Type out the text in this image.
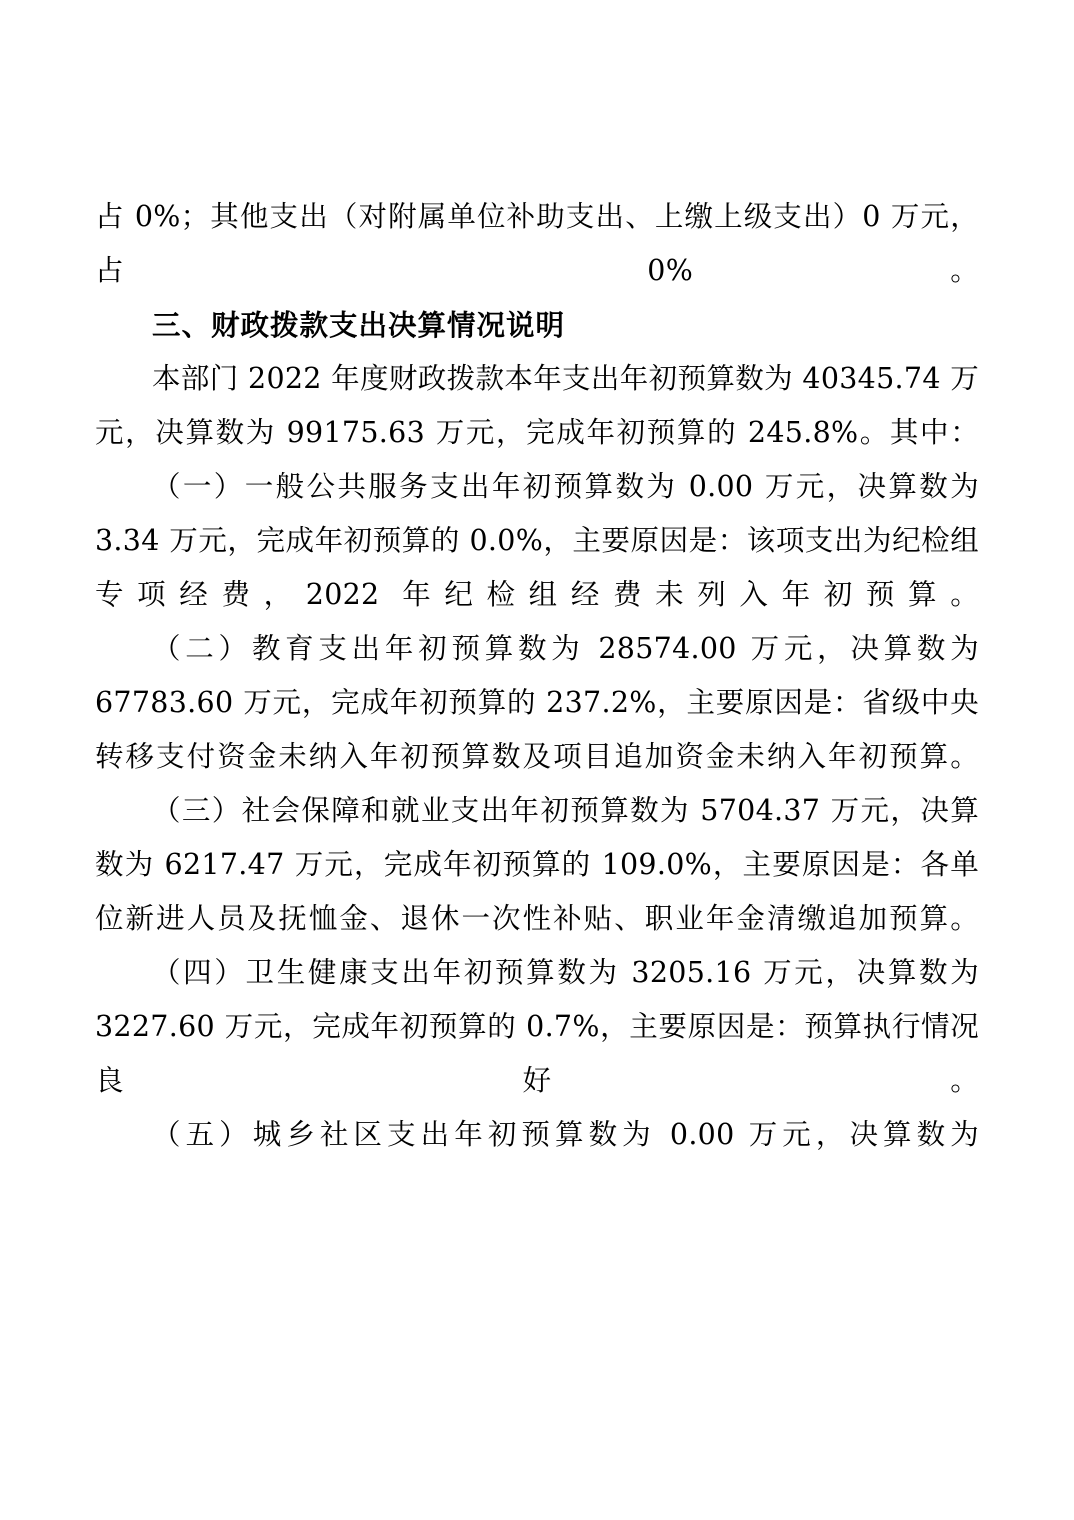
占 0%；其他支出（对附属单位补助支出、上缴上级支出）0 万元，占 0%。

三、财政拨款支出决算情况说明

本部门 2022 年度财政拨款本年支出年初预算数为 40345.74 万元，决算数为 99175.63 万元，完成年初预算的 245.8%。其中：

（一）一般公共服务支出年初预算数为 0.00 万元，决算数为 3.34 万元，完成年初预算的 0.0%，主要原因是：该项支出为纪检组专项经费，2022 年纪检组经费未列入年初预算。

（二）教育支出年初预算数为 28574.00 万元，决算数为 67783.60 万元，完成年初预算的 237.2%，主要原因是：省级中央转移支付资金未纳入年初预算数及项目追加资金未纳入年初预算。

（三）社会保障和就业支出年初预算数为 5704.37 万元，决算数为 6217.47 万元，完成年初预算的 109.0%，主要原因是：各单位新进人员及抚恤金、退休一次性补贴、职业年金清缴追加预算。

（四）卫生健康支出年初预算数为 3205.16 万元，决算数为 3227.60 万元，完成年初预算的 0.7%，主要原因是：预算执行情况良好。

（五）城乡社区支出年初预算数为 0.00 万元，决算数为
